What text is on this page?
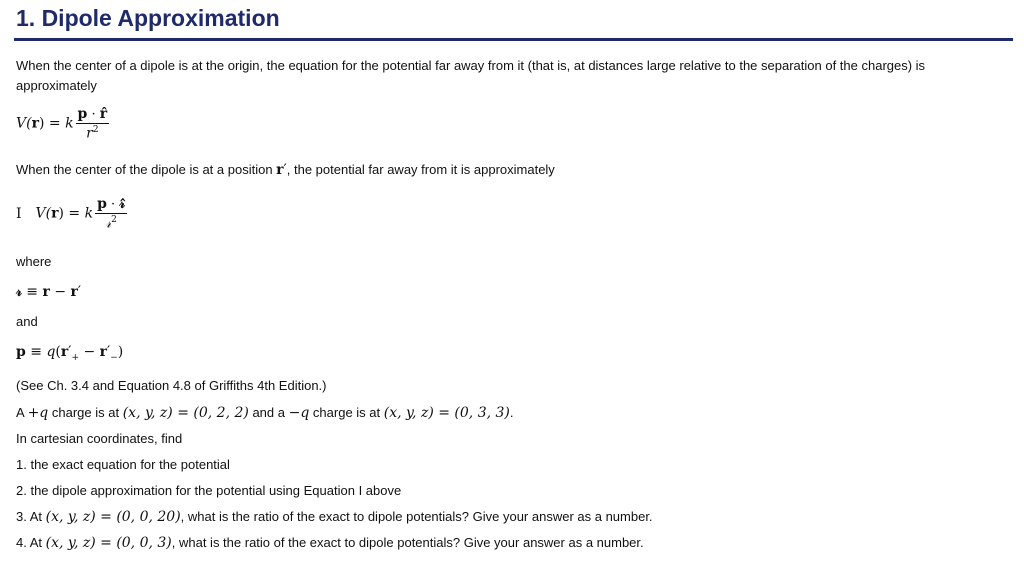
1. Dipole Approximation
When the center of a dipole is at the origin, the equation for the potential far away from it (that is, at distances large relative to the separation of the charges) is approximately
V(r) = k $\frac{p \cdot r̂}{r^2}$
When the center of the dipole is at a position r′, the potential far away from it is approximately
I V(r) = k $\frac{\text{p · 𝓇̂}}{𝓇^2}$
where
𝓇 ≡ r − r′
and
$p \equiv q(r'_+ - r'_-)$
(See Ch. 3.4 and Equation 4.8 of Griffiths 4th Edition.)
A +q charge is at (x, y, z) = (0, 2, 2) and a −q charge is at (x, y, z) = (0, 3, 3).
In cartesian coordinates, find
1. the exact equation for the potential
2. the dipole approximation for the potential using Equation I above
3. At (x, y, z) = (0, 0, 20), what is the ratio of the exact to dipole potentials? Give your answer as a number.
4. At (x, y, z) = (0, 0, 3), what is the ratio of the exact to dipole potentials? Give your answer as a number.
